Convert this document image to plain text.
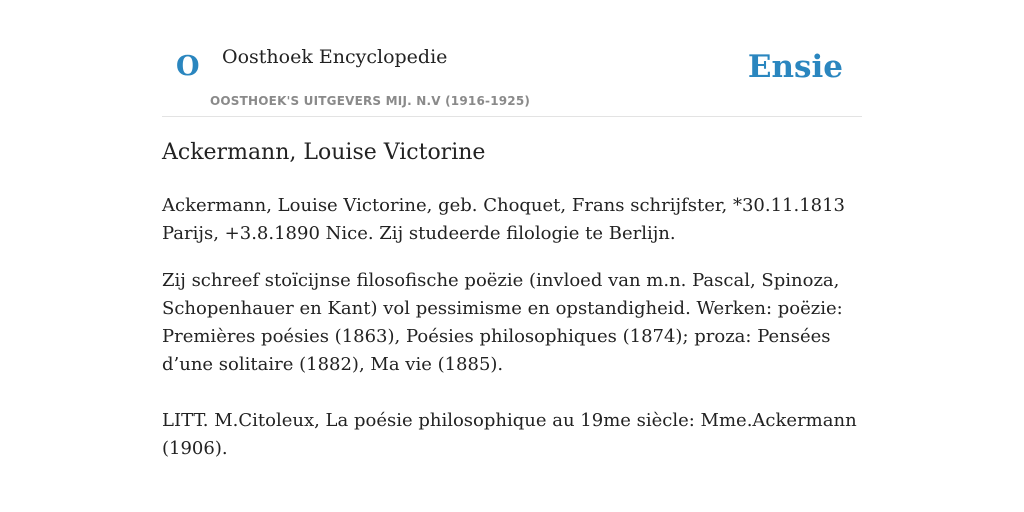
O Oosthoek Encyclopedie
OOSTHOEK'S UITGEVERS MIJ. N.V (1916-1925)
Ensie
Ackermann, Louise Victorine

Ackermann, Louise Victorine, geb. Choquet, Frans schrijfster, *30.11.1813 Parijs, +3.8.1890 Nice. Zij studeerde filologie te Berlijn.

Zij schreef stoïcijnse filosofische poëzie (invloed van m.n. Pascal, Spinoza, Schopenhauer en Kant) vol pessimisme en opstandigheid. Werken: poëzie: Premières poésies (1863), Poésies philosophiques (1874); proza: Pensées d’une solitaire (1882), Ma vie (1885).

LITT. M.Citoleux, La poésie philosophique au 19me siècle: Mme.Ackermann (1906).
